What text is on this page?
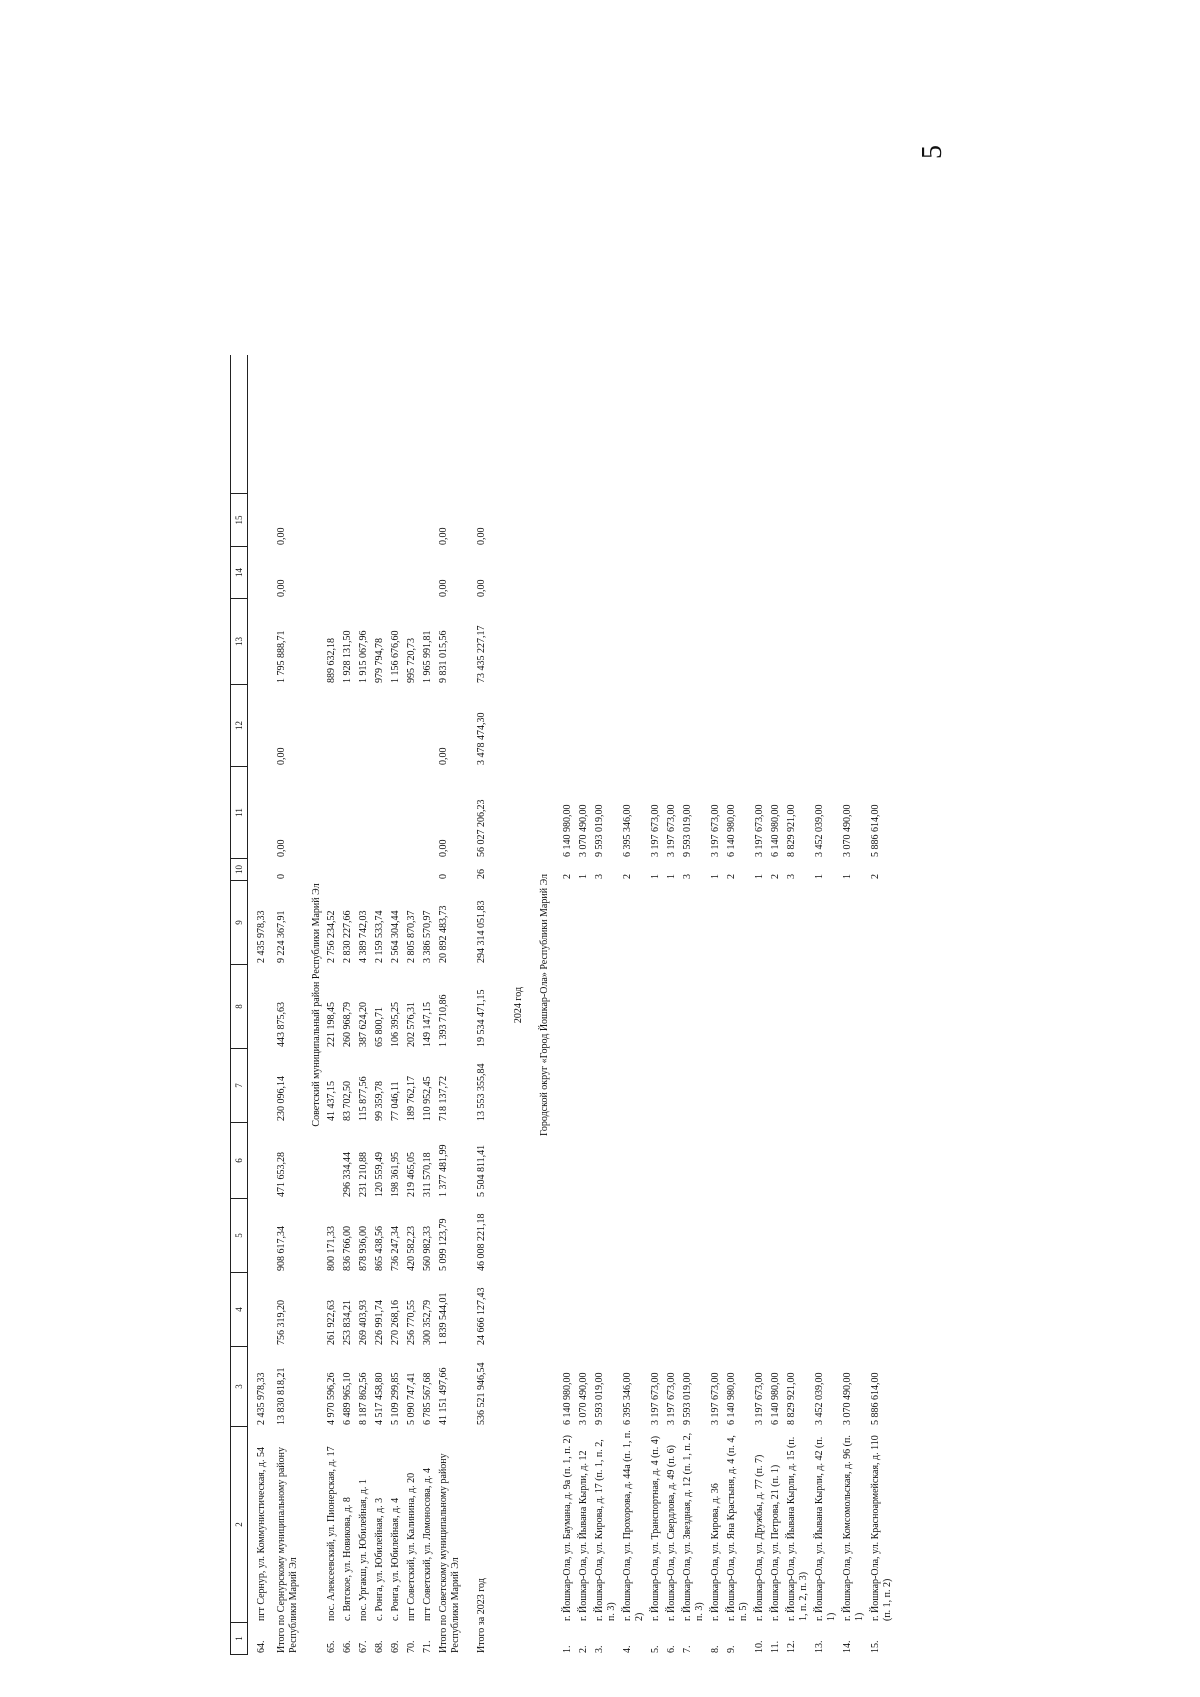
5
1
2
3
4
5
6
7
8
9
10
11
12
13
14
15
64.
пгт Сернур, ул. Коммунистическая, д. 54
2 435 978,33
2 435 978,33
Итого по Сернурскому муниципальному району Республики Марий Эл
13 830 818,21
756 319,20
908 617,34
471 653,28
230 096,14
443 875,63
9 224 367,91
0
0,00
0,00
1 795 888,71
0,00
0,00
Советский муниципальный район Республики Марий Эл
65.
пос. Алексеевский, ул. Пионерская, д. 17
4 970 596,26
261 922,63
800 171,33
41 437,15
221 198,45
2 756 234,52
889 632,18
66.
с. Вятское, ул. Новикова, д. 8
6 489 965,10
253 834,21
836 766,00
296 334,44
83 702,50
260 968,79
2 830 227,66
1 928 131,50
67.
пос. Ургакш, ул. Юбилейная, д. 1
8 187 862,56
269 403,93
878 936,00
231 210,88
115 877,56
387 624,20
4 389 742,03
1 915 067,96
68.
с. Ронга, ул. Юбилейная, д. 3
4 517 458,80
226 991,74
865 438,56
120 559,49
99 359,78
65 800,71
2 159 533,74
979 794,78
69.
с. Ронга, ул. Юбилейная, д. 4
5 109 299,85
270 268,16
736 247,34
198 361,95
77 046,11
106 395,25
2 564 304,44
1 156 676,60
70.
пгт Советский, ул. Калинина, д. 20
5 090 747,41
256 770,55
420 582,23
219 465,05
189 762,17
202 576,31
2 805 870,37
995 720,73
71.
пгт Советский, ул. Ломоносова, д. 4
6 785 567,68
300 352,79
560 982,33
311 570,18
110 952,45
149 147,15
3 386 570,97
1 965 991,81
Итого по Советскому муниципальному району Республики Марий Эл
41 151 497,66
1 839 544,01
5 099 123,79
1 377 481,99
718 137,72
1 393 710,86
20 892 483,73
0
0,00
0,00
9 831 015,56
0,00
0,00
Итого за 2023 год
536 521 946,54
24 666 127,43
46 008 221,18
5 504 811,41
13 553 355,84
19 534 471,15
294 314 051,83
26
56 027 206,23
3 478 474,30
73 435 227,17
0,00
0,00
2024 год	Городской округ «Город Йошкар-Ола» Республики Марий Эл
1.
г. Йошкар-Ола, ул. Баумана, д. 9а (п. 1, п. 2)
6 140 980,00
2
6 140 980,00
2.
г. Йошкар-Ола, ул. Йывана Кырли, д. 12
3 070 490,00
1
3 070 490,00
3.
г. Йошкар-Ола, ул. Кирова, д. 17 (п. 1, п. 2, п. 3)
9 593 019,00
3
9 593 019,00
4.
г. Йошкар-Ола, ул. Прохорова, д. 44а (п. 1, п. 2)
6 395 346,00
2
6 395 346,00
5.
г. Йошкар-Ола, ул. Транспортная, д. 4 (п. 4)
3 197 673,00
1
3 197 673,00
6.
г. Йошкар-Ола, ул. Свердлова, д. 49 (п. 6)
3 197 673,00
1
3 197 673,00
7.
г. Йошкар-Ола, ул. Звездная, д. 12 (п. 1, п. 2, п. 3)
9 593 019,00
3
9 593 019,00
8.
г. Йошкар-Ола, ул. Кирова, д. 36
3 197 673,00
1
3 197 673,00
9.
г. Йошкар-Ола, ул. Яна Крастыня, д. 4 (п. 4, п. 5)
6 140 980,00
2
6 140 980,00
10.
г. Йошкар-Ола, ул. Дружбы, д. 77 (п. 7)
3 197 673,00
1
3 197 673,00
11.
г. Йошкар-Ола, ул. Петрова, 21 (п. 1)
6 140 980,00
2
6 140 980,00
12.
г. Йошкар-Ола, ул. Йывана Кырли, д. 15 (п. 1, п. 2, п. 3)
8 829 921,00
3
8 829 921,00
13.
г. Йошкар-Ола, ул. Йывана Кырли, д. 42 (п. 1)
3 452 039,00
1
3 452 039,00
14.
г. Йошкар-Ола, ул. Комсомольская, д. 96 (п. 1)
3 070 490,00
1
3 070 490,00
15.
г. Йошкар-Ола, ул. Красноармейская, д. 110 (п. 1, п. 2)
5 886 614,00
2
5 886 614,00
